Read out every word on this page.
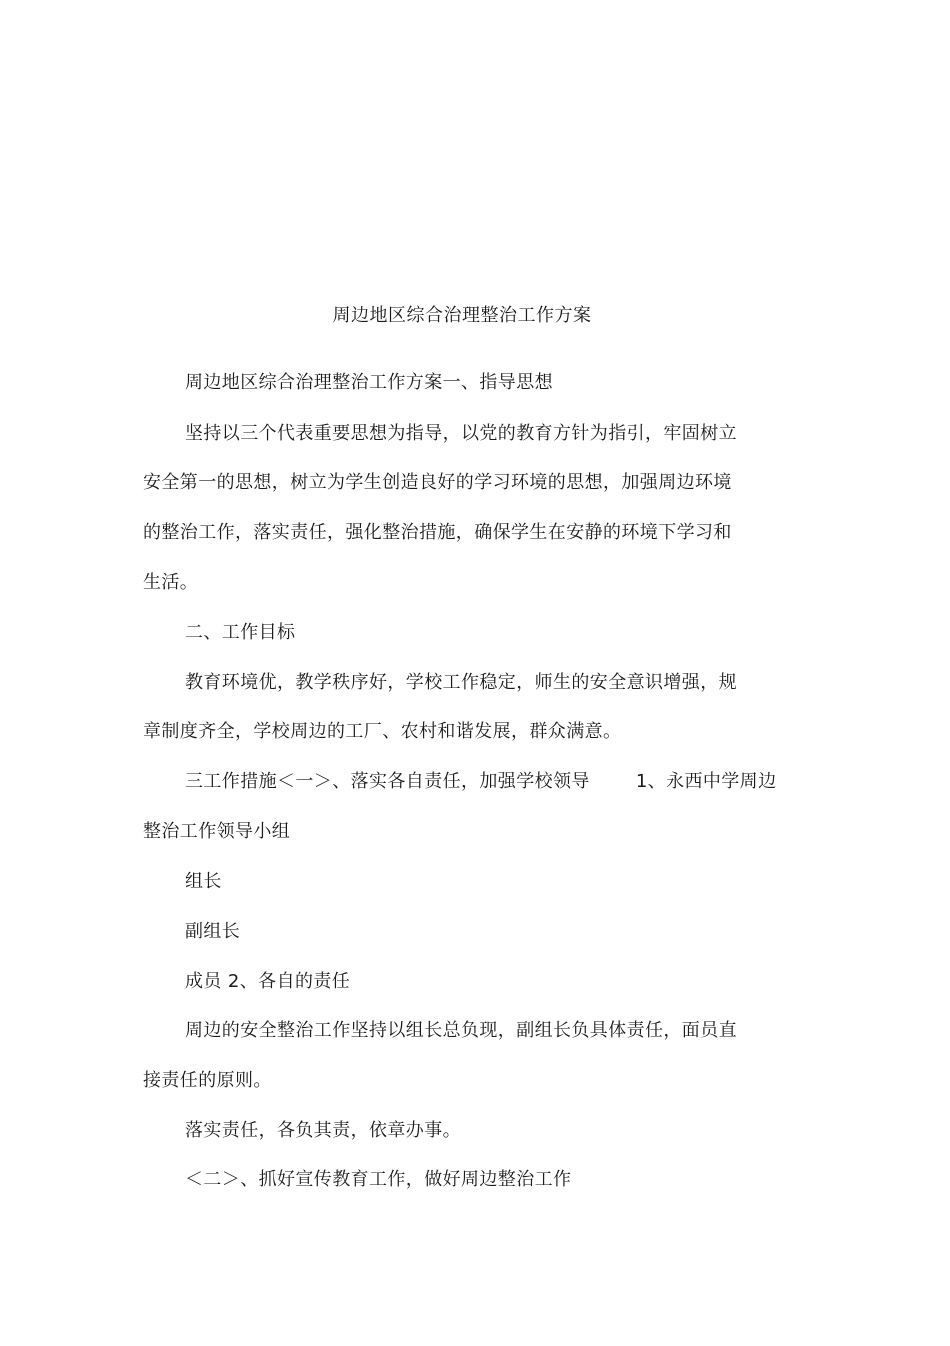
周边地区综合治理整治工作方案
周边地区综合治理整治工作方案一、指导思想
坚持以三个代表重要思想为指导，以党的教育方针为指引，牢固树立
安全第一的思想，树立为学生创造良好的学习环境的思想，加强周边环境
的整治工作，落实责任，强化整治措施，确保学生在安静的环境下学习和
生活。
二、工作目标
教育环境优，教学秩序好，学校工作稳定，师生的安全意识增强，规
章制度齐全，学校周边的工厂、农村和谐发展，群众满意。
三工作措施＜一＞、落实各自责任，加强学校领导	1、永西中学周边
整治工作领导小组
组长
副组长
成员 2、各自的责任
周边的安全整治工作坚持以组长总负现，副组长负具体责任，面员直
接责任的原则。
落实责任，各负其责，依章办事。
＜二＞、抓好宣传教育工作，做好周边整治工作
